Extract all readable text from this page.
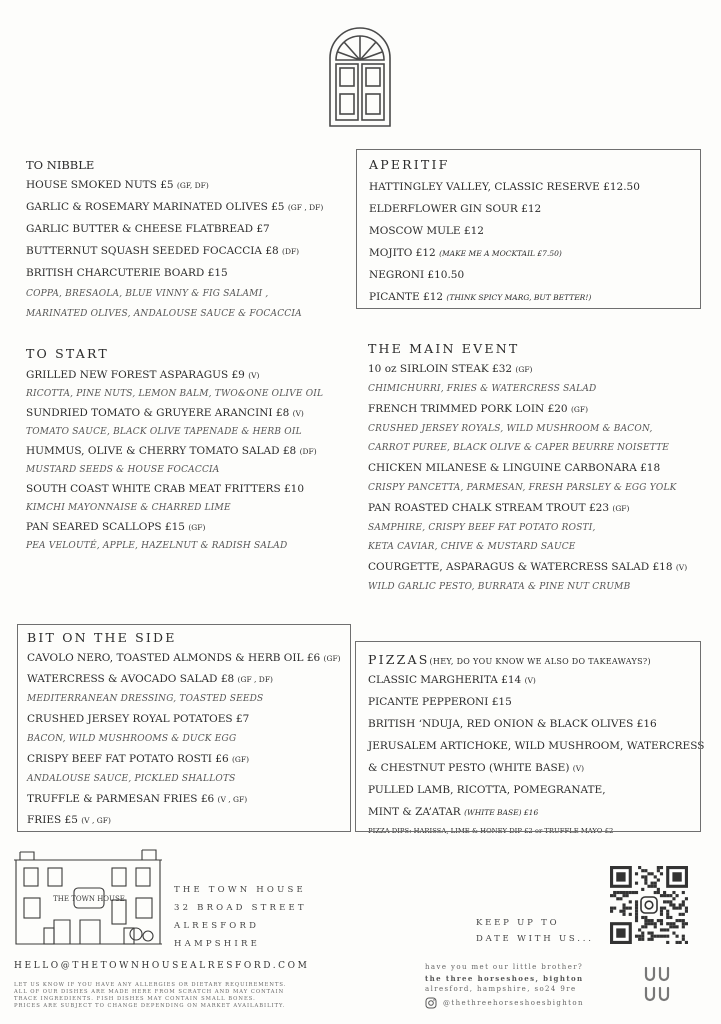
TO NIBBLE
HOUSE SMOKED NUTS £5 (GF, DF)
GARLIC & ROSEMARY MARINATED OLIVES £5 (GF , DF)
GARLIC BUTTER & CHEESE FLATBREAD £7
BUTTERNUT SQUASH SEEDED FOCACCIA £8 (DF)
BRITISH CHARCUTERIE BOARD £15
COPPA, BRESAOLA, BLUE VINNY & FIG SALAMI ,
MARINATED OLIVES, ANDALOUSE SAUCE & FOCACCIA
APERITIF
HATTINGLEY VALLEY, CLASSIC RESERVE £12.50
ELDERFLOWER GIN SOUR £12
MOSCOW MULE £12
MOJITO £12 (MAKE ME A MOCKTAIL £7.50)
NEGRONI £10.50
PICANTE £12 (THINK SPICY MARG, BUT BETTER!)
TO START
GRILLED NEW FOREST ASPARAGUS £9 (V)
RICOTTA, PINE NUTS, LEMON BALM, TWO&ONE OLIVE OIL
SUNDRIED TOMATO & GRUYERE ARANCINI £8 (V)
TOMATO SAUCE, BLACK OLIVE TAPENADE & HERB OIL
HUMMUS, OLIVE & CHERRY TOMATO SALAD £8 (DF)
MUSTARD SEEDS & HOUSE FOCACCIA
SOUTH COAST WHITE CRAB MEAT FRITTERS £10
KIMCHI MAYONNAISE & CHARRED LIME
PAN SEARED SCALLOPS £15 (GF)
PEA VELOUTÉ, APPLE, HAZELNUT & RADISH SALAD
THE MAIN EVENT
10 oz SIRLOIN STEAK £32 (GF)
CHIMICHURRI, FRIES & WATERCRESS SALAD
FRENCH TRIMMED PORK LOIN £20 (GF)
CRUSHED JERSEY ROYALS, WILD MUSHROOM & BACON,
CARROT PUREE, BLACK OLIVE & CAPER BEURRE NOISETTE
CHICKEN MILANESE & LINGUINE CARBONARA £18
CRISPY PANCETTA, PARMESAN, FRESH PARSLEY & EGG YOLK
PAN ROASTED CHALK STREAM TROUT £23 (GF)
SAMPHIRE, CRISPY BEEF FAT POTATO ROSTI,
KETA CAVIAR, CHIVE & MUSTARD SAUCE
COURGETTE, ASPARAGUS & WATERCRESS SALAD £18 (V)
WILD GARLIC PESTO, BURRATA & PINE NUT CRUMB
BIT ON THE SIDE
CAVOLO NERO, TOASTED ALMONDS & HERB OIL £6 (GF)
WATERCRESS & AVOCADO SALAD £8 (GF , DF)
MEDITERRANEAN DRESSING, TOASTED SEEDS
CRUSHED JERSEY ROYAL POTATOES £7
BACON, WILD MUSHROOMS & DUCK EGG
CRISPY BEEF FAT POTATO ROSTI £6 (GF)
ANDALOUSE SAUCE, PICKLED SHALLOTS
TRUFFLE & PARMESAN FRIES £6 (V , GF)
FRIES £5 (V , GF)
PIZZAS(HEY, DO YOU KNOW WE ALSO DO TAKEAWAYS?)
CLASSIC MARGHERITA £14 (V)
PICANTE PEPPERONI £15
BRITISH ‘NDUJA, RED ONION & BLACK OLIVES £16
JERUSALEM ARTICHOKE, WILD MUSHROOM, WATERCRESS
& CHESTNUT PESTO (WHITE BASE) (V)
PULLED LAMB, RICOTTA, POMEGRANATE,
MINT & ZA’ATAR (WHITE BASE) £16
PIZZA DIPS: HARISSA, LIME & HONEY DIP £2 or TRUFFLE MAYO £2
THE TOWN HOUSE
THE TOWN HOUSE
32 BROAD STREET
ALRESFORD
HAMPSHIRE
HELLO@THETOWNHOUSEALRESFORD.COM
LET US KNOW IF YOU HAVE ANY ALLERGIES OR DIETARY REQUIREMENTS.
ALL OF OUR DISHES ARE MADE HERE FROM SCRATCH AND MAY CONTAIN
TRACE INGREDIENTS. FISH DISHES MAY CONTAIN SMALL BONES.
PRICES ARE SUBJECT TO CHANGE DEPENDING ON MARKET AVAILABILITY.
KEEP UP TO
DATE WITH US...
have you met our little brother?
the three horseshoes, bighton
alresford, hampshire, so24 9re
@thethreehorseshoesbighton
